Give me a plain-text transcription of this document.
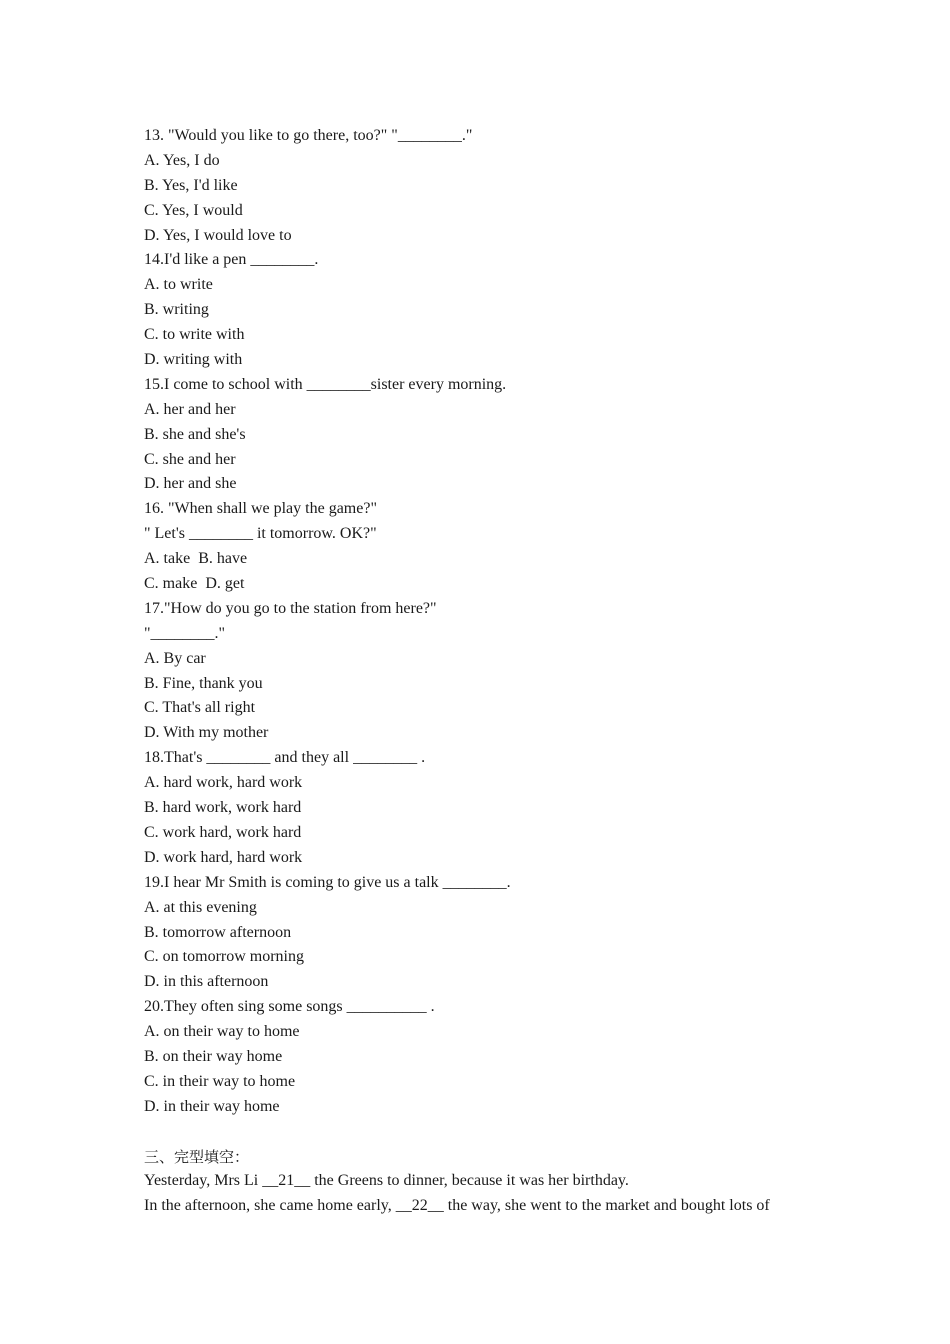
13. "Would you like to go there, too?" "________."
A. Yes, I do
B. Yes, I'd like
C. Yes, I would
D. Yes, I would love to
14.I'd like a pen ________.
A. to write
B. writing
C. to write with
D. writing with
15.I come to school with ________sister every morning.
A. her and her
B. she and she's
C. she and her
D. her and she
16. "When shall we play the game?"
" Let's ________ it tomorrow. OK?"
A. take  B. have
C. make  D. get
17."How do you go to the station from here?"
"________."
A. By car
B. Fine, thank you
C. That's all right
D. With my mother
18.That's ________ and they all ________ .
A. hard work, hard work
B. hard work, work hard
C. work hard, work hard
D. work hard, hard work
19.I hear Mr Smith is coming to give us a talk ________.
A. at this evening
B. tomorrow afternoon
C. on tomorrow morning
D. in this afternoon
20.They often sing some songs __________ .
A. on their way to home
B. on their way home
C. in their way to home
D. in their way home
三、完型填空：
Yesterday, Mrs Li __21__ the Greens to dinner, because it was her birthday.
In the afternoon, she came home early, __22__ the way, she went to the market and bought lots of
